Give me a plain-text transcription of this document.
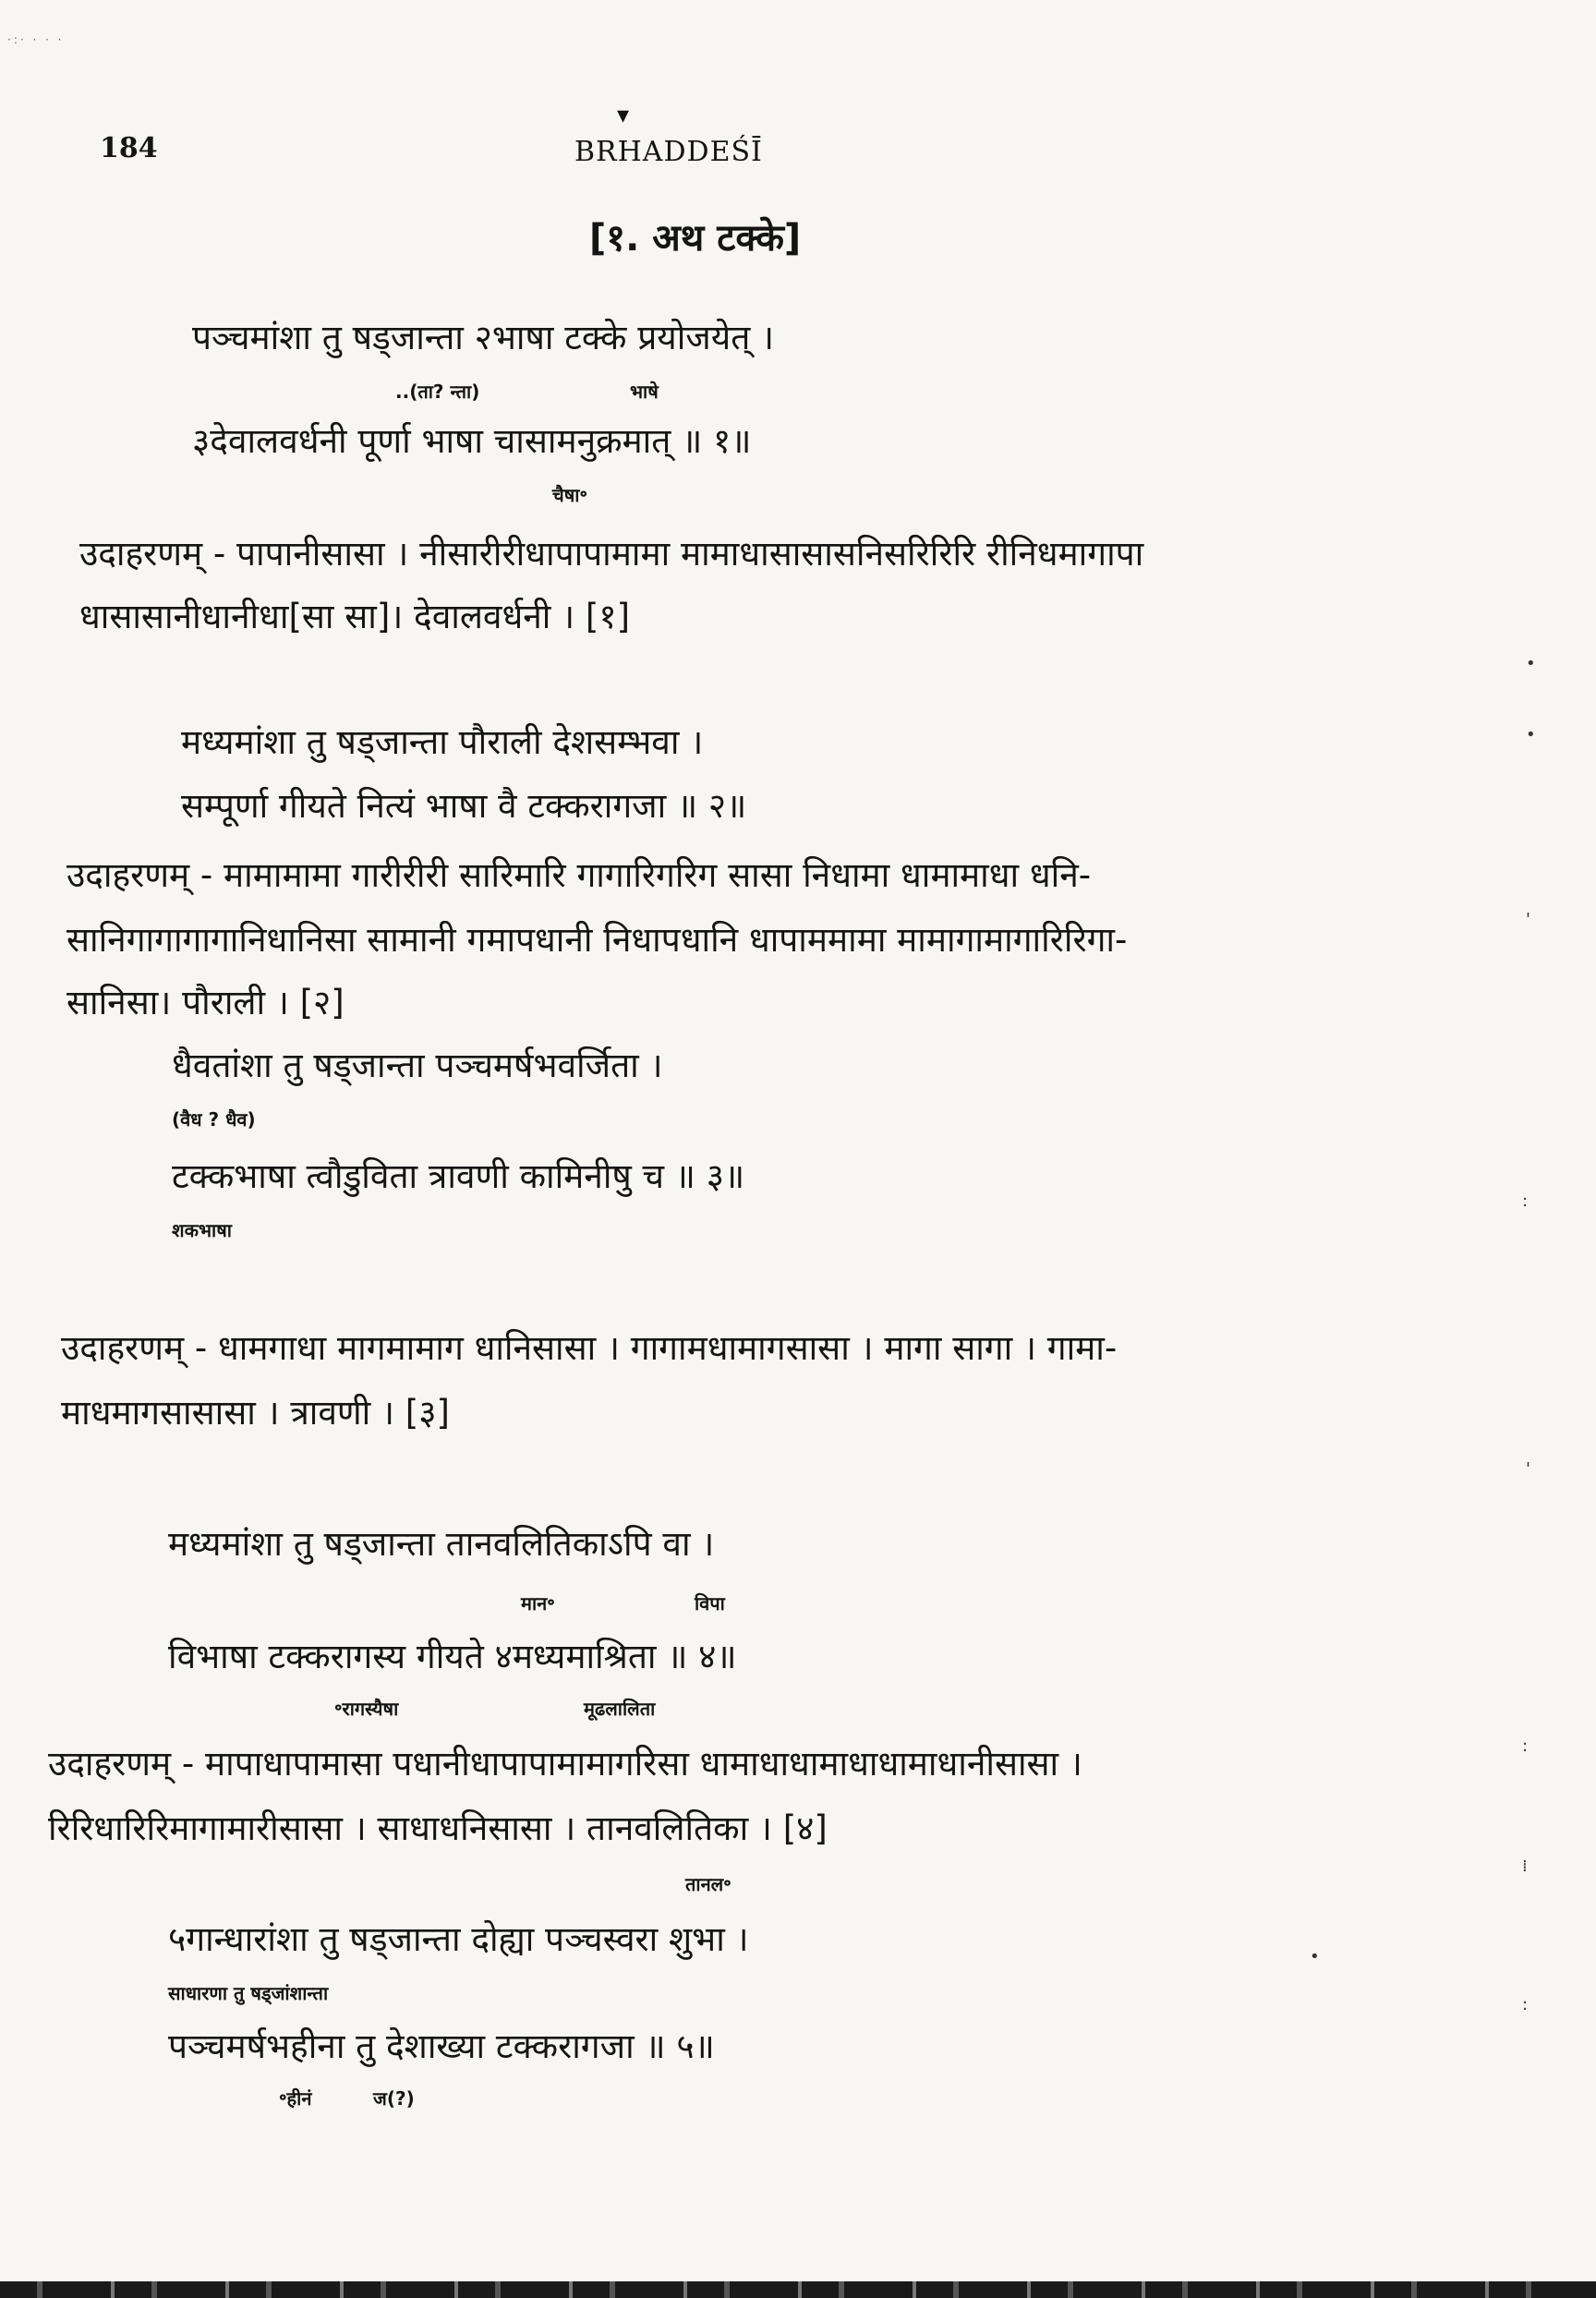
·:· · · ·
▾
184	BRHADDEŚĪ
[१. अथ टक्के]
पञ्चमांशा तु षड्जान्ता २भाषा टक्के प्रयोजयेत् ।
..(ता? न्ता)	भाषे
३देवालवर्धनी पूर्णा भाषा चासामनुक्रमात् ॥ १॥
चैषा॰
उदाहरणम् - पापानीसासा । नीसारीरीधापापामामा मामाधासासासनिसरिरिरि रीनिधमागापा
धासासानीधानीधा[सा सा]। देवालवर्धनी । [१]
मध्यमांशा तु षड्जान्ता पौराली देशसम्भवा ।
सम्पूर्णा गीयते नित्यं भाषा वै टक्करागजा ॥ २॥
उदाहरणम् - मामामामा गारीरीरी सारिमारि गागारिगरिग सासा निधामा धामामाधा धनि-
सानिगागागागानिधानिसा सामानी गमापधानी निधापधानि धापाममामा मामागामागारिरिगा-
सानिसा। पौराली । [२]
धैवतांशा तु षड्जान्ता पञ्चमर्षभवर्जिता ।
(वैध ? धैव)
टक्कभाषा त्वौडुविता त्रावणी कामिनीषु च ॥ ३॥
शकभाषा
उदाहरणम् - धामगाधा मागमामाग धानिसासा । गागामधामागसासा । मागा सागा । गामा-
माधमागसासासा । त्रावणी । [३]
मध्यमांशा तु षड्जान्ता तानवलितिकाऽपि वा ।
मान॰	विपा
विभाषा टक्करागस्य गीयते ४मध्यमाश्रिता ॥ ४॥
॰रागस्यैषा	मूढलालिता
उदाहरणम् - मापाधापामासा पधानीधापापामामागरिसा धामाधाधामाधाधामाधानीसासा ।
रिरिधारिरिमागामारीसासा । साधाधनिसासा । तानवलितिका । [४]
तानल॰
५गान्धारांशा तु षड्जान्ता दोह्या पञ्चस्वरा शुभा ।
साधारणा तु षड्जांशान्ता
पञ्चमर्षभहीना तु देशाख्या टक्करागजा ॥ ५॥
॰हीनं	ज(?)
•
•
'
:
'
:
⁞
•
:
